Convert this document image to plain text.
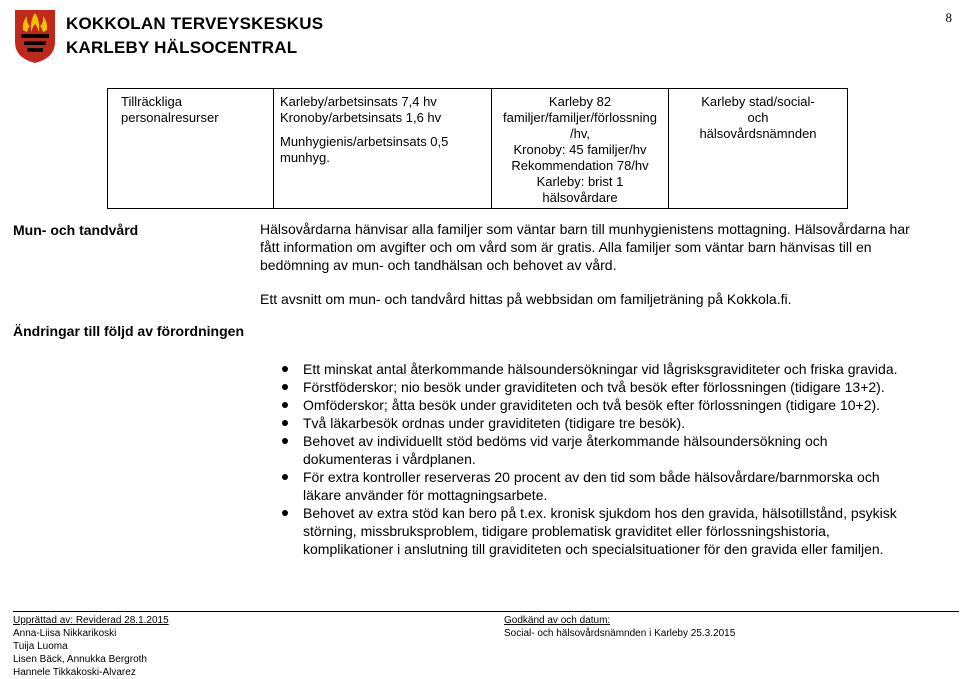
KOKKOLAN TERVEYSKESKUS
KARLEBY HÄLSOCENTRAL
8
Tillräckliga
personalresurser

Karleby/arbetsinsats 7,4 hv
Kronoby/arbetsinsats 1,6 hv
Munhygienis/arbetsinsats 0,5
munhyg.

Karleby 82
familjer/familjer/förlossning
/hv,
Kronoby: 45 familjer/hv
Rekommendation 78/hv
Karleby: brist 1
hälsovårdare

Karleby stad/social-
och
hälsovårdsnämnden
Mun- och tandvård	Hälsovårdarna hänvisar alla familjer som väntar barn till munhygienistens mottagning. Hälsovårdarna har
fått information om avgifter och om vård som är gratis. Alla familjer som väntar barn hänvisas till en
bedömning av mun- och tandhälsan och behovet av vård.
Ett avsnitt om mun- och tandvård hittas på webbsidan om familjeträning på Kokkola.fi.
Ändringar till följd av förordningen
Ett minskat antal återkommande hälsoundersökningar vid lågrisksgraviditeter och friska gravida.
Förstföderskor; nio besök under graviditeten och två besök efter förlossningen (tidigare 13+2).
Omföderskor; åtta besök under graviditeten och två besök efter förlossningen (tidigare 10+2).
Två läkarbesök ordnas under graviditeten (tidigare tre besök).
Behovet av individuellt stöd bedöms vid varje återkommande hälsoundersökning och
dokumenteras i vårdplanen.
För extra kontroller reserveras 20 procent av den tid som både hälsovårdare/barnmorska och
läkare använder för mottagningsarbete.
Behovet av extra stöd kan bero på t.ex. kronisk sjukdom hos den gravida, hälsotillstånd, psykisk
störning, missbruksproblem, tidigare problematisk graviditet eller förlossningshistoria,
komplikationer i anslutning till graviditeten och specialsituationer för den gravida eller familjen.
Upprättad av: Reviderad 28.1.2015
Anna-Liisa Nikkarikoski
Tuija Luoma
Lisen Bäck, Annukka Bergroth
Hannele Tikkakoski-Alvarez
Godkänd av och datum:
Social- och hälsovårdsnämnden i Karleby 25.3.2015
